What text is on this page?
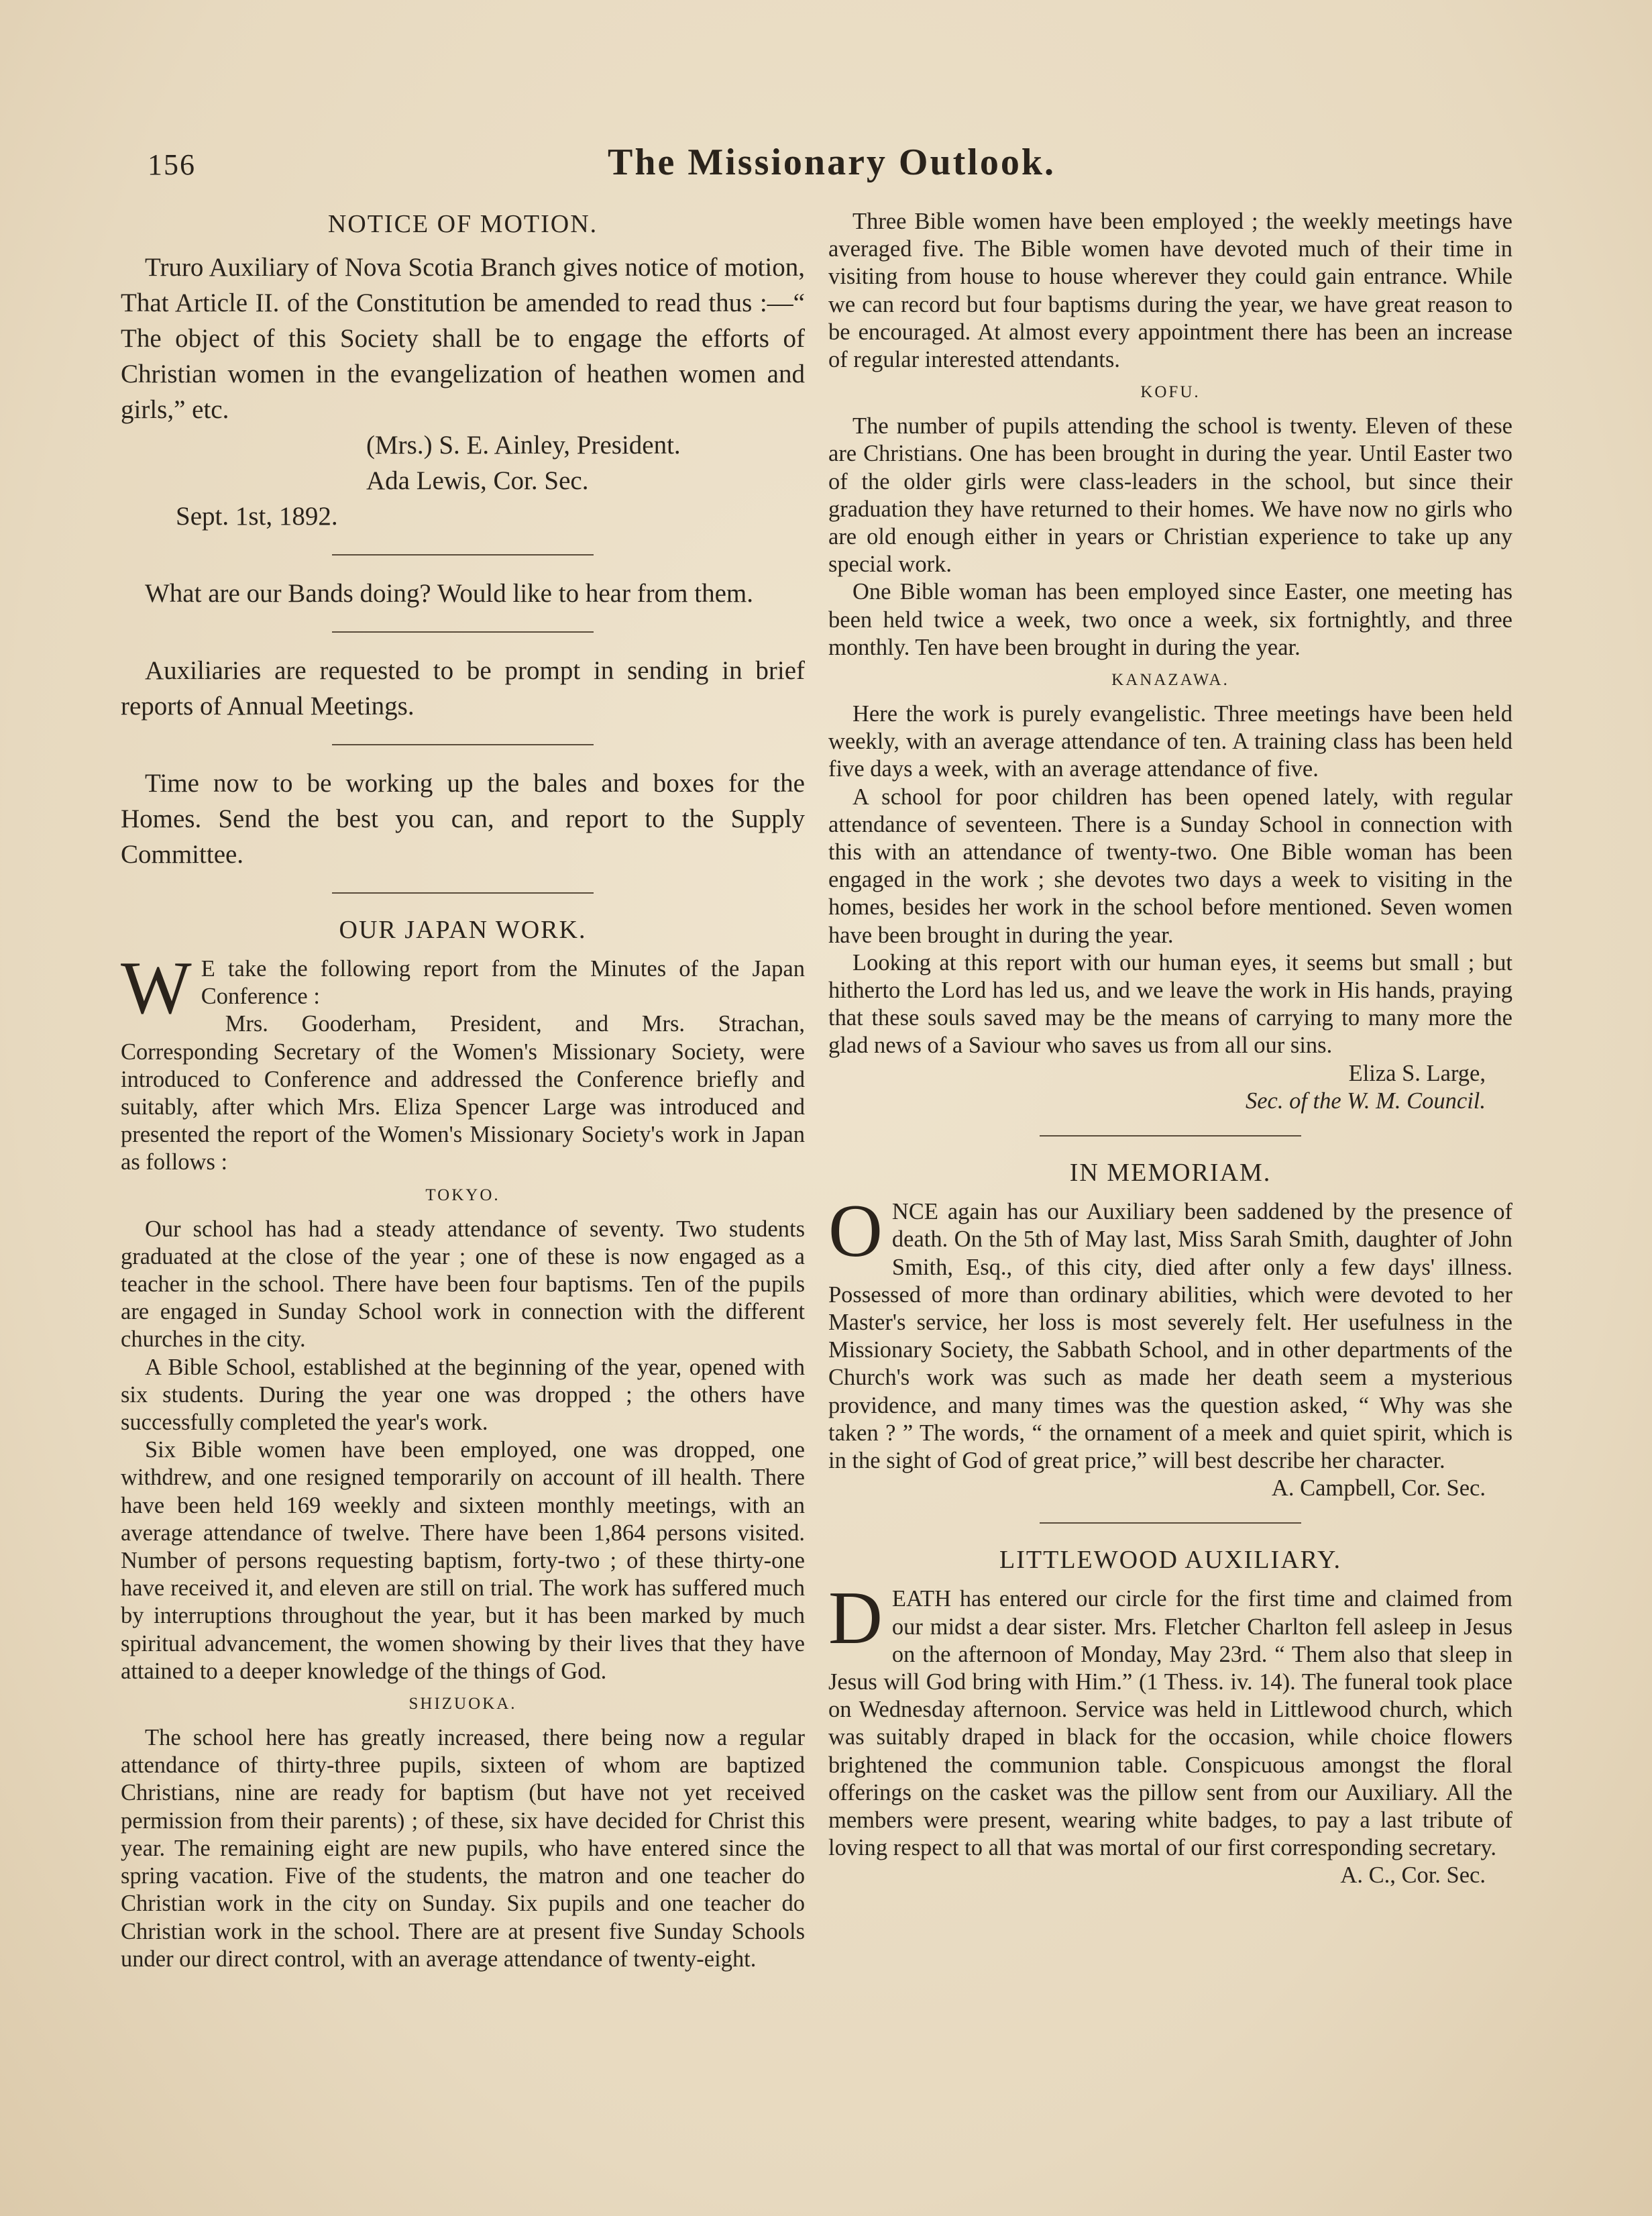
156	The Missionary Outlook.
NOTICE OF MOTION.

Truro Auxiliary of Nova Scotia Branch gives notice of motion, That Article II. of the Constitution be amended to read thus :—“ The object of this Society shall be to engage the efforts of Christian women in the evangelization of heathen women and girls,” etc.

(Mrs.) S. E. Ainley, President.

Ada Lewis, Cor. Sec.

Sept. 1st, 1892.

What are our Bands doing? Would like to hear from them.

Auxiliaries are requested to be prompt in sending in brief reports of Annual Meetings.

Time now to be working up the bales and boxes for the Homes. Send the best you can, and report to the Supply Committee.

OUR JAPAN WORK.

W E take the following report from the Minutes of the Japan Conference :

Mrs. Gooderham, President, and Mrs. Strachan, Corresponding Secretary of the Women's Missionary Society, were introduced to Conference and addressed the Conference briefly and suitably, after which Mrs. Eliza Spencer Large was introduced and presented the report of the Women's Missionary Society's work in Japan as follows :

TOKYO.

Our school has had a steady attendance of seventy. Two students graduated at the close of the year ; one of these is now engaged as a teacher in the school. There have been four baptisms. Ten of the pupils are engaged in Sunday School work in connection with the different churches in the city.

A Bible School, established at the beginning of the year, opened with six students. During the year one was dropped ; the others have successfully completed the year's work.

Six Bible women have been employed, one was dropped, one withdrew, and one resigned temporarily on account of ill health. There have been held 169 weekly and sixteen monthly meetings, with an average attendance of twelve. There have been 1,864 persons visited. Number of persons requesting baptism, forty-two ; of these thirty-one have received it, and eleven are still on trial. The work has suffered much by interruptions throughout the year, but it has been marked by much spiritual advancement, the women showing by their lives that they have attained to a deeper knowledge of the things of God.

SHIZUOKA.

The school here has greatly increased, there being now a regular attendance of thirty-three pupils, sixteen of whom are baptized Christians, nine are ready for baptism (but have not yet received permission from their parents) ; of these, six have decided for Christ this year. The remaining eight are new pupils, who have entered since the spring vacation. Five of the students, the matron and one teacher do Christian work in the city on Sunday. Six pupils and one teacher do Christian work in the school. There are at present five Sunday Schools under our direct control, with an average attendance of twenty-eight.

Three Bible women have been employed ; the weekly meetings have averaged five. The Bible women have devoted much of their time in visiting from house to house wherever they could gain entrance. While we can record but four baptisms during the year, we have great reason to be encouraged. At almost every appointment there has been an increase of regular interested attendants.

KOFU.

The number of pupils attending the school is twenty. Eleven of these are Christians. One has been brought in during the year. Until Easter two of the older girls were class-leaders in the school, but since their graduation they have returned to their homes. We have now no girls who are old enough either in years or Christian experience to take up any special work.

One Bible woman has been employed since Easter, one meeting has been held twice a week, two once a week, six fortnightly, and three monthly. Ten have been brought in during the year.

KANAZAWA.

Here the work is purely evangelistic. Three meetings have been held weekly, with an average attendance of ten. A training class has been held five days a week, with an average attendance of five.

A school for poor children has been opened lately, with regular attendance of seventeen. There is a Sunday School in connection with this with an attendance of twenty-two. One Bible woman has been engaged in the work ; she devotes two days a week to visiting in the homes, besides her work in the school before mentioned. Seven women have been brought in during the year.

Looking at this report with our human eyes, it seems but small ; but hitherto the Lord has led us, and we leave the work in His hands, praying that these souls saved may be the means of carrying to many more the glad news of a Saviour who saves us from all our sins.

Eliza S. Large,

Sec. of the W. M. Council.

IN MEMORIAM.

ONCE again has our Auxiliary been saddened by the presence of death. On the 5th of May last, Miss Sarah Smith, daughter of John Smith, Esq., of this city, died after only a few days' illness. Possessed of more than ordinary abilities, which were devoted to her Master's service, her loss is most severely felt. Her usefulness in the Missionary Society, the Sabbath School, and in other departments of the Church's work was such as made her death seem a mysterious providence, and many times was the question asked, “ Why was she taken ? ” The words, “ the ornament of a meek and quiet spirit, which is in the sight of God of great price,” will best describe her character.

A. Campbell, Cor. Sec.

LITTLEWOOD AUXILIARY.

DEATH has entered our circle for the first time and claimed from our midst a dear sister. Mrs. Fletcher Charlton fell asleep in Jesus on the afternoon of Monday, May 23rd. “ Them also that sleep in Jesus will God bring with Him.” (1 Thess. iv. 14). The funeral took place on Wednesday afternoon. Service was held in Littlewood church, which was suitably draped in black for the occasion, while choice flowers brightened the communion table. Conspicuous amongst the floral offerings on the casket was the pillow sent from our Auxiliary. All the members were present, wearing white badges, to pay a last tribute of loving respect to all that was mortal of our first corresponding secretary.

A. C., Cor. Sec.
